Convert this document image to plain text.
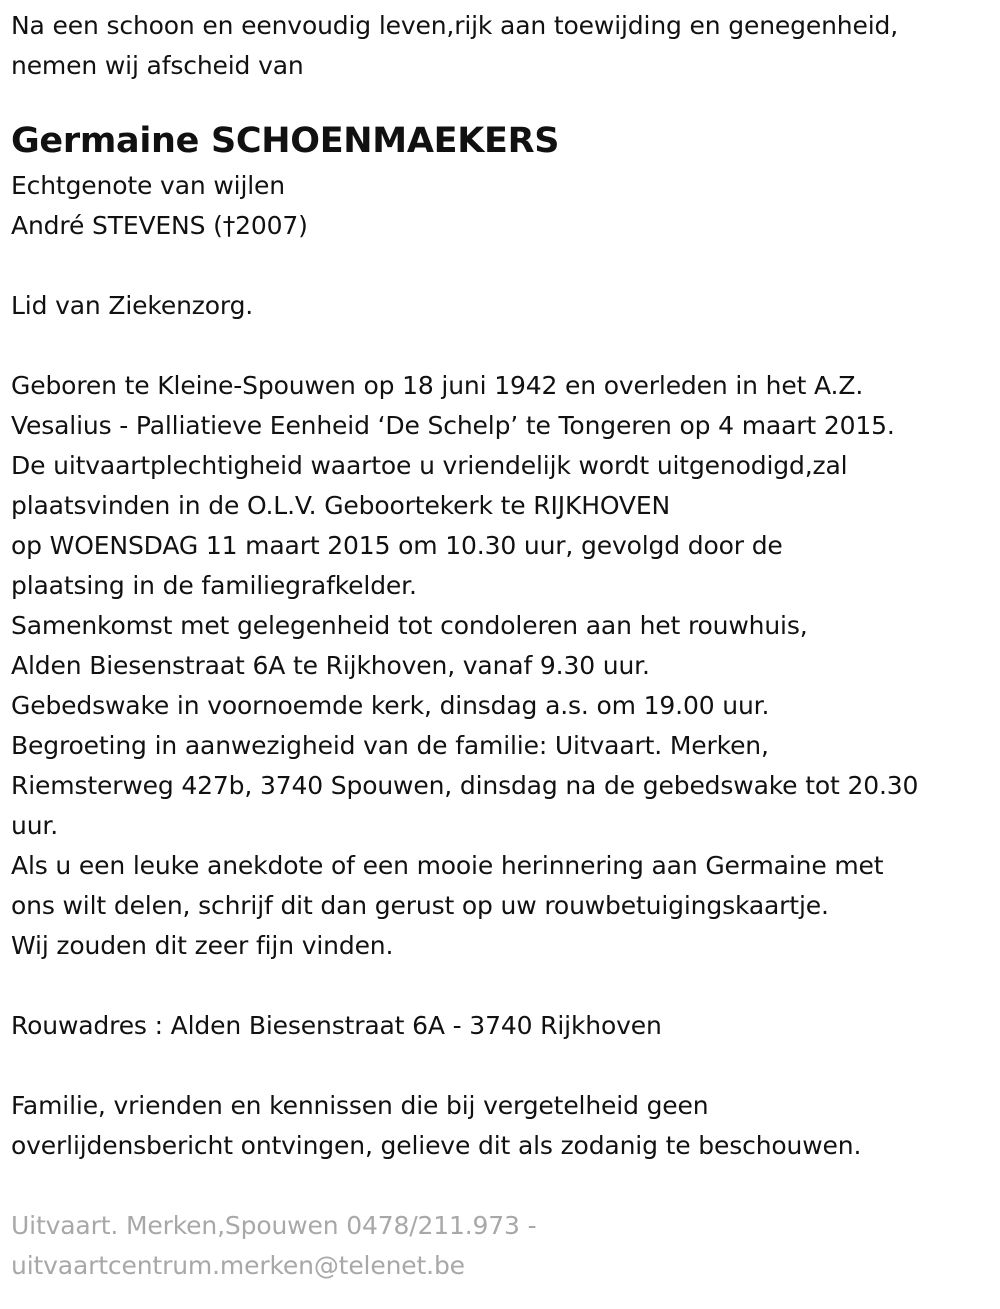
Na een schoon en eenvoudig leven,rijk aan toewijding en genegenheid,
nemen wij afscheid van
Germaine SCHOENMAEKERS
Echtgenote van wijlen
André STEVENS (†2007)
Lid van Ziekenzorg.
Geboren te Kleine-Spouwen op 18 juni 1942 en overleden in het A.Z.
Vesalius - Palliatieve Eenheid ‘De Schelp’ te Tongeren op 4 maart 2015.
De uitvaartplechtigheid waartoe u vriendelijk wordt uitgenodigd,zal
plaatsvinden in de O.L.V. Geboortekerk te RIJKHOVEN
op WOENSDAG 11 maart 2015 om 10.30 uur, gevolgd door de
plaatsing in de familiegrafkelder.
Samenkomst met gelegenheid tot condoleren aan het rouwhuis,
Alden Biesenstraat 6A te Rijkhoven, vanaf 9.30 uur.
Gebedswake in voornoemde kerk, dinsdag a.s. om 19.00 uur.
Begroeting in aanwezigheid van de familie: Uitvaart. Merken,
Riemsterweg 427b, 3740 Spouwen, dinsdag na de gebedswake tot 20.30
uur.
Als u een leuke anekdote of een mooie herinnering aan Germaine met
ons wilt delen, schrijf dit dan gerust op uw rouwbetuigingskaartje.
Wij zouden dit zeer fijn vinden.
Rouwadres : Alden Biesenstraat 6A - 3740 Rijkhoven
Familie, vrienden en kennissen die bij vergetelheid geen
overlijdensbericht ontvingen, gelieve dit als zodanig te beschouwen.
Uitvaart. Merken,Spouwen 0478/211.973 -
uitvaartcentrum.merken@telenet.be
